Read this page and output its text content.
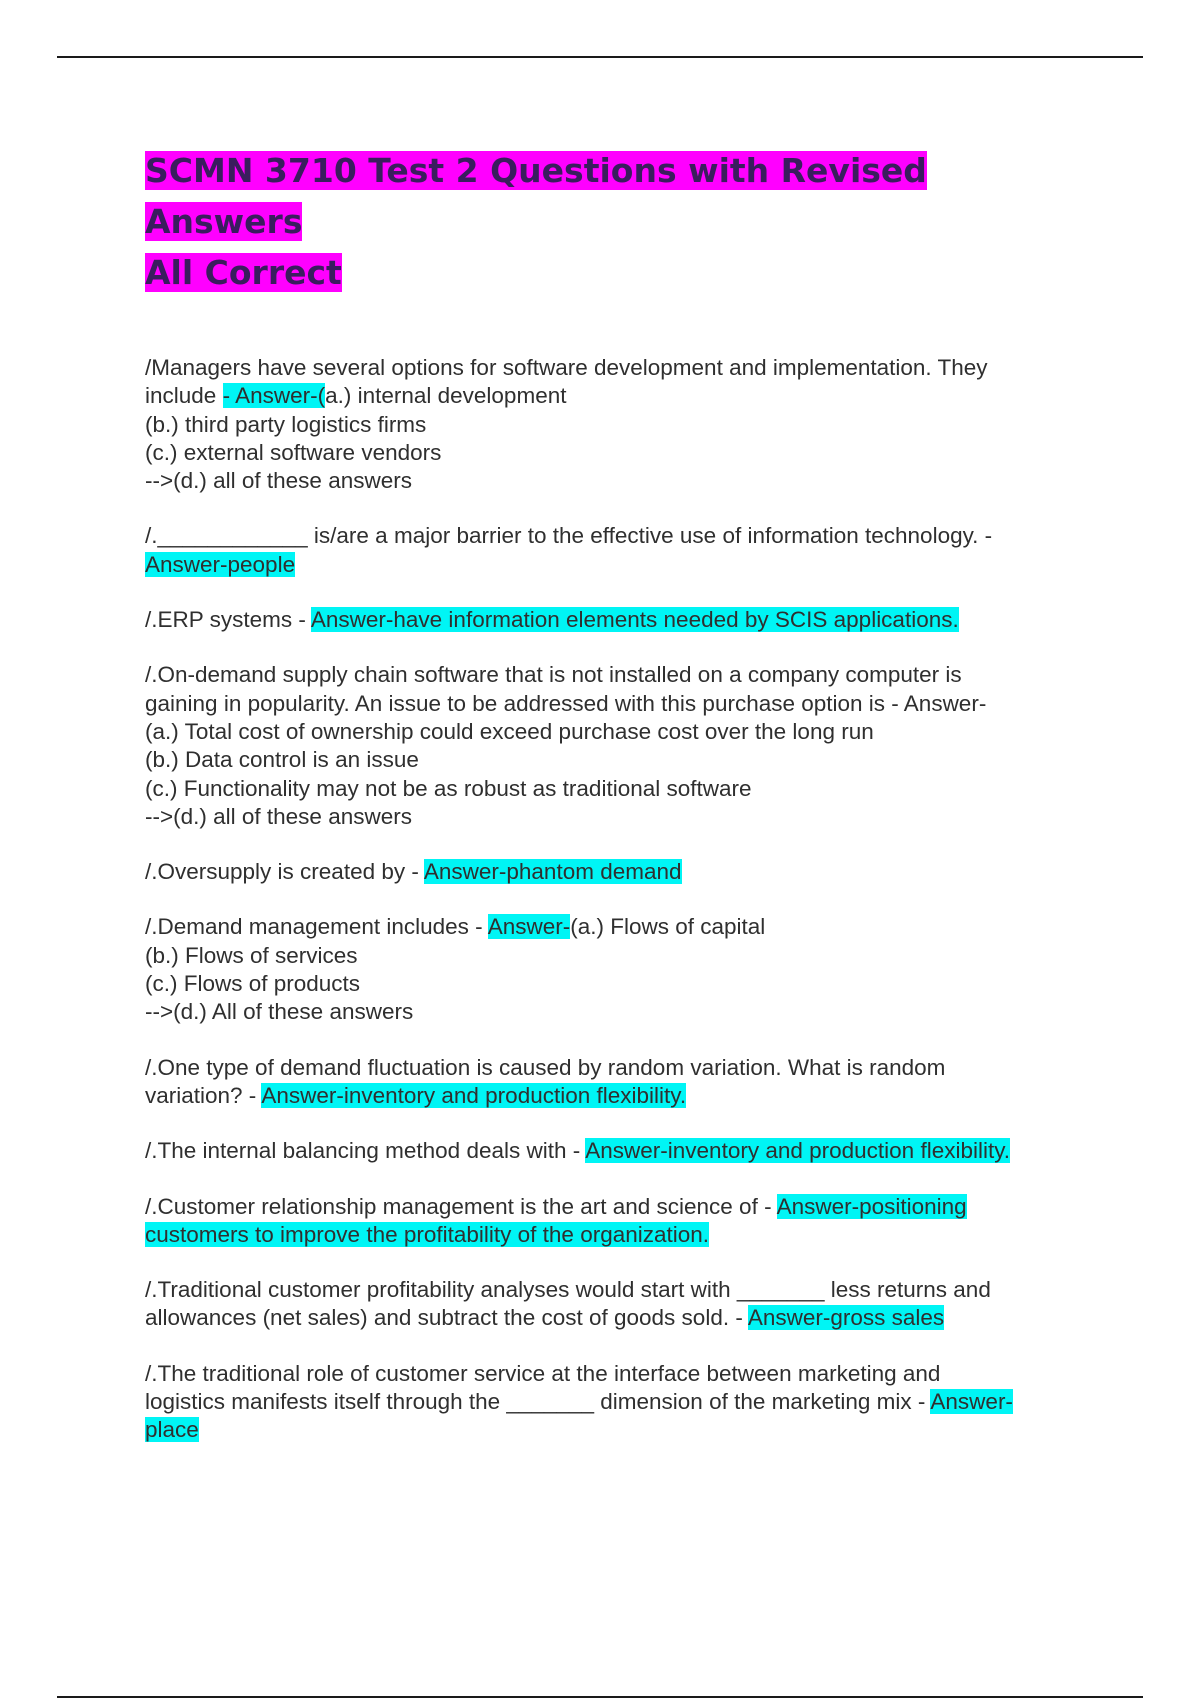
SCMN 3710 Test 2 Questions with Revised Answers
All Correct
/Managers have several options for software development and implementation. They
include - Answer-(a.) internal development
(b.) third party logistics firms
(c.) external software vendors
-->(d.) all of these answers
/.____________ is/are a major barrier to the effective use of information technology. -
Answer-people
/.ERP systems - Answer-have information elements needed by SCIS applications.
/.On-demand supply chain software that is not installed on a company computer is
gaining in popularity. An issue to be addressed with this purchase option is - Answer-
(a.) Total cost of ownership could exceed purchase cost over the long run
(b.) Data control is an issue
(c.) Functionality may not be as robust as traditional software
-->(d.) all of these answers
/.Oversupply is created by - Answer-phantom demand
/.Demand management includes - Answer-(a.) Flows of capital
(b.) Flows of services
(c.) Flows of products
-->(d.) All of these answers
/.One type of demand fluctuation is caused by random variation. What is random
variation? - Answer-inventory and production flexibility.
/.The internal balancing method deals with - Answer-inventory and production flexibility.
/.Customer relationship management is the art and science of - Answer-positioning
customers to improve the profitability of the organization.
/.Traditional customer profitability analyses would start with _______ less returns and
allowances (net sales) and subtract the cost of goods sold. - Answer-gross sales
/.The traditional role of customer service at the interface between marketing and
logistics manifests itself through the _______ dimension of the marketing mix - Answer-
place
